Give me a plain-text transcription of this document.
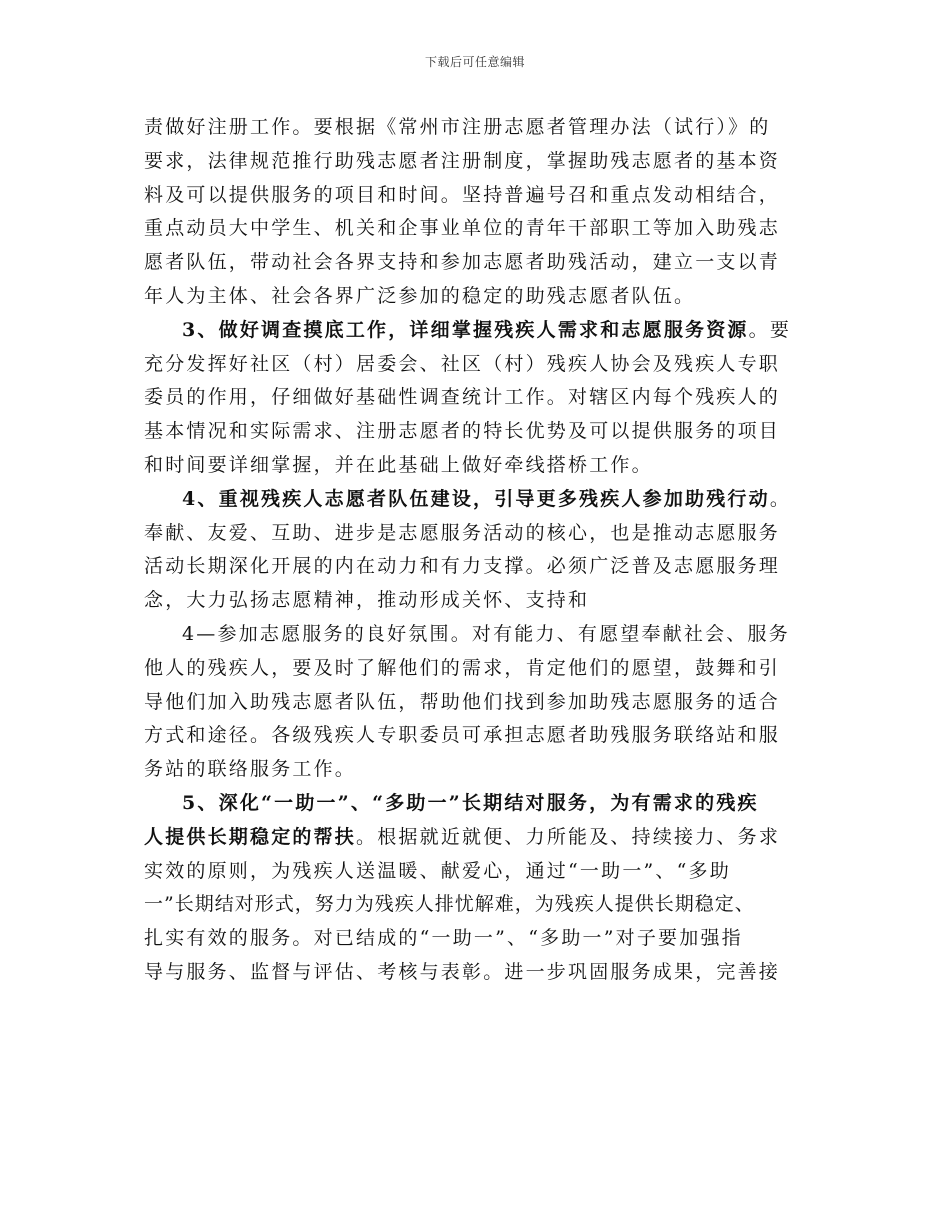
下载后可任意编辑
责做好注册工作。要根据《常州市注册志愿者管理办法（试行）》的
要求，法律规范推行助残志愿者注册制度，掌握助残志愿者的基本资
料及可以提供服务的项目和时间。坚持普遍号召和重点发动相结合，
重点动员大中学生、机关和企事业单位的青年干部职工等加入助残志
愿者队伍，带动社会各界支持和参加志愿者助残活动，建立一支以青
年人为主体、社会各界广泛参加的稳定的助残志愿者队伍。
3、做好调查摸底工作，详细掌握残疾人需求和志愿服务资源。要
充分发挥好社区（村）居委会、社区（村）残疾人协会及残疾人专职
委员的作用，仔细做好基础性调查统计工作。对辖区内每个残疾人的
基本情况和实际需求、注册志愿者的特长优势及可以提供服务的项目
和时间要详细掌握，并在此基础上做好牵线搭桥工作。
4、重视残疾人志愿者队伍建设，引导更多残疾人参加助残行动。
奉献、友爱、互助、进步是志愿服务活动的核心，也是推动志愿服务
活动长期深化开展的内在动力和有力支撑。必须广泛普及志愿服务理
念，大力弘扬志愿精神，推动形成关怀、支持和
4—参加志愿服务的良好氛围。对有能力、有愿望奉献社会、服务
他人的残疾人，要及时了解他们的需求，肯定他们的愿望，鼓舞和引
导他们加入助残志愿者队伍，帮助他们找到参加助残志愿服务的适合
方式和途径。各级残疾人专职委员可承担志愿者助残服务联络站和服
务站的联络服务工作。
5、深化“一助一”、“多助一”长期结对服务，为有需求的残疾
人提供长期稳定的帮扶。根据就近就便、力所能及、持续接力、务求
实效的原则，为残疾人送温暖、献爱心，通过“一助一”、“多助
一”长期结对形式，努力为残疾人排忧解难，为残疾人提供长期稳定、
扎实有效的服务。对已结成的“一助一”、“多助一”对子要加强指
导与服务、监督与评估、考核与表彰。进一步巩固服务成果，完善接
